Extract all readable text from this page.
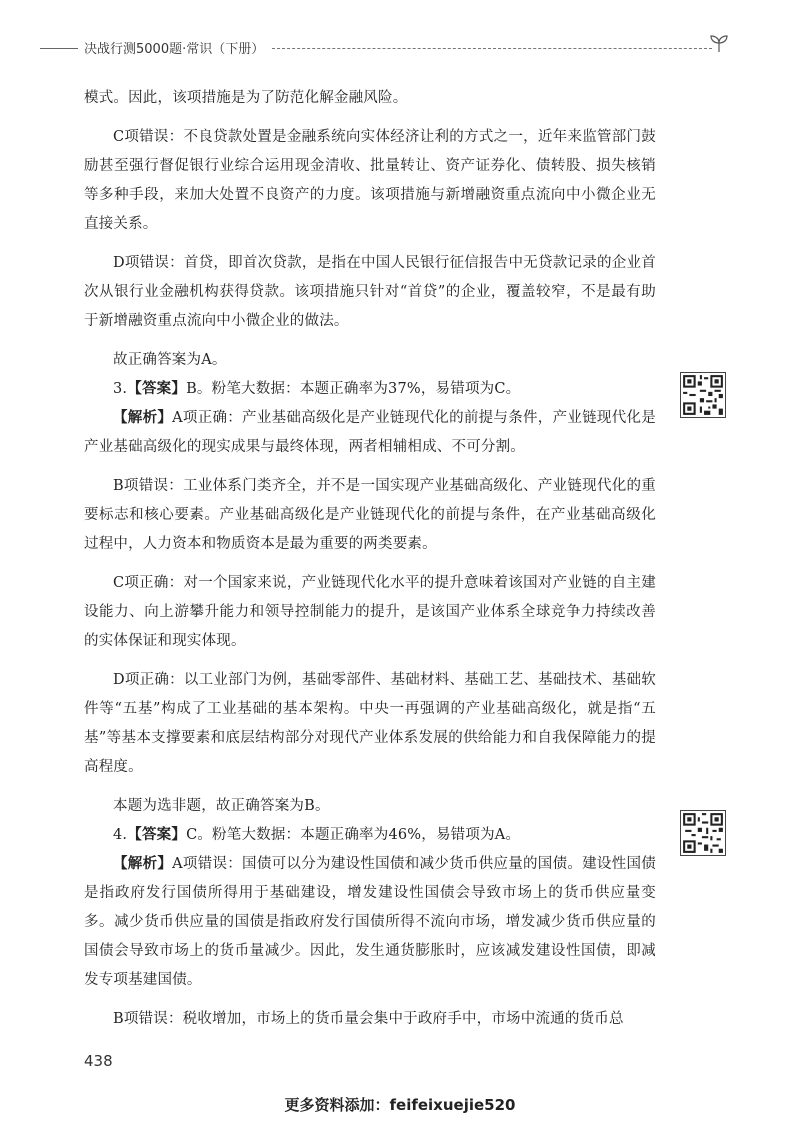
决战行测5000题·常识（下册）

模式。因此，该项措施是为了防范化解金融风险。

C项错误：不良贷款处置是金融系统向实体经济让利的方式之一，近年来监管部门鼓励甚至强行督促银行业综合运用现金清收、批量转让、资产证券化、债转股、损失核销等多种手段，来加大处置不良资产的力度。该项措施与新增融资重点流向中小微企业无直接关系。

D项错误：首贷，即首次贷款，是指在中国人民银行征信报告中无贷款记录的企业首次从银行业金融机构获得贷款。该项措施只针对“首贷”的企业，覆盖较窄，不是最有助于新增融资重点流向中小微企业的做法。

故正确答案为A。

3.【答案】B。粉笔大数据：本题正确率为37%，易错项为C。

【解析】A项正确：产业基础高级化是产业链现代化的前提与条件，产业链现代化是产业基础高级化的现实成果与最终体现，两者相辅相成、不可分割。

B项错误：工业体系门类齐全，并不是一国实现产业基础高级化、产业链现代化的重要标志和核心要素。产业基础高级化是产业链现代化的前提与条件，在产业基础高级化过程中，人力资本和物质资本是最为重要的两类要素。

C项正确：对一个国家来说，产业链现代化水平的提升意味着该国对产业链的自主建设能力、向上游攀升能力和领导控制能力的提升，是该国产业体系全球竞争力持续改善的实体保证和现实体现。

D项正确：以工业部门为例，基础零部件、基础材料、基础工艺、基础技术、基础软件等“五基”构成了工业基础的基本架构。中央一再强调的产业基础高级化，就是指“五基”等基本支撑要素和底层结构部分对现代产业体系发展的供给能力和自我保障能力的提高程度。

本题为选非题，故正确答案为B。

4.【答案】C。粉笔大数据：本题正确率为46%，易错项为A。

【解析】A项错误：国债可以分为建设性国债和减少货币供应量的国债。建设性国债是指政府发行国债所得用于基础建设，增发建设性国债会导致市场上的货币供应量变多。减少货币供应量的国债是指政府发行国债所得不流向市场，增发减少货币供应量的国债会导致市场上的货币量减少。因此，发生通货膨胀时，应该减发建设性国债，即减发专项基建国债。

B项错误：税收增加，市场上的货币量会集中于政府手中，市场中流通的货币总

438
更多资料添加：feifeixuejie520
